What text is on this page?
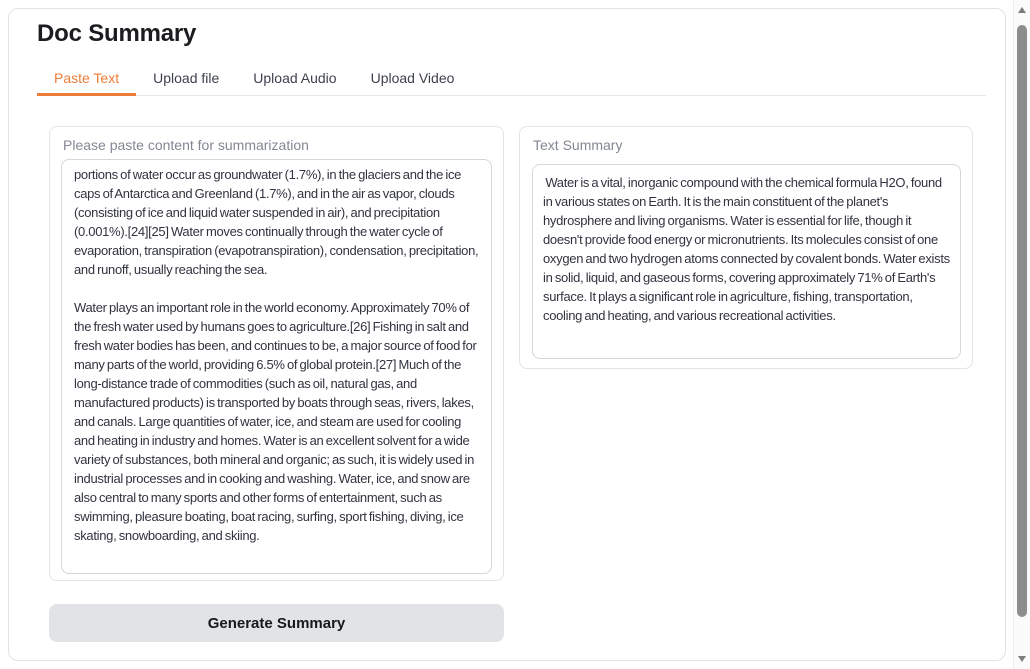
Doc Summary
Paste Text	Upload file	Upload Audio	Upload Video
Please paste content for summarization
portions of water occur as groundwater (1.7%), in the glaciers and the ice caps of Antarctica and Greenland (1.7%), and in the air as vapor, clouds (consisting of ice and liquid water suspended in air), and precipitation (0.001%).[24][25] Water moves continually through the water cycle of evaporation, transpiration (evapotranspiration), condensation, precipitation, and runoff, usually reaching the sea. Water plays an important role in the world economy. Approximately 70% of the fresh water used by humans goes to agriculture.[26] Fishing in salt and fresh water bodies has been, and continues to be, a major source of food for many parts of the world, providing 6.5% of global protein.[27] Much of the long-distance trade of commodities (such as oil, natural gas, and manufactured products) is transported by boats through seas, rivers, lakes, and canals. Large quantities of water, ice, and steam are used for cooling and heating in industry and homes. Water is an excellent solvent for a wide variety of substances, both mineral and organic; as such, it is widely used in industrial processes and in cooking and washing. Water, ice, and snow are also central to many sports and other forms of entertainment, such as swimming, pleasure boating, boat racing, surfing, sport fishing, diving, ice skating, snowboarding, and skiing.	Text Summary
Water is a vital, inorganic compound with the chemical formula H2O, found in various states on Earth. It is the main constituent of the planet's hydrosphere and living organisms. Water is essential for life, though it doesn't provide food energy or micronutrients. Its molecules consist of one oxygen and two hydrogen atoms connected by covalent bonds. Water exists in solid, liquid, and gaseous forms, covering approximately 71% of Earth's surface. It plays a significant role in agriculture, fishing, transportation, cooling and heating, and various recreational activities.
Generate Summary
